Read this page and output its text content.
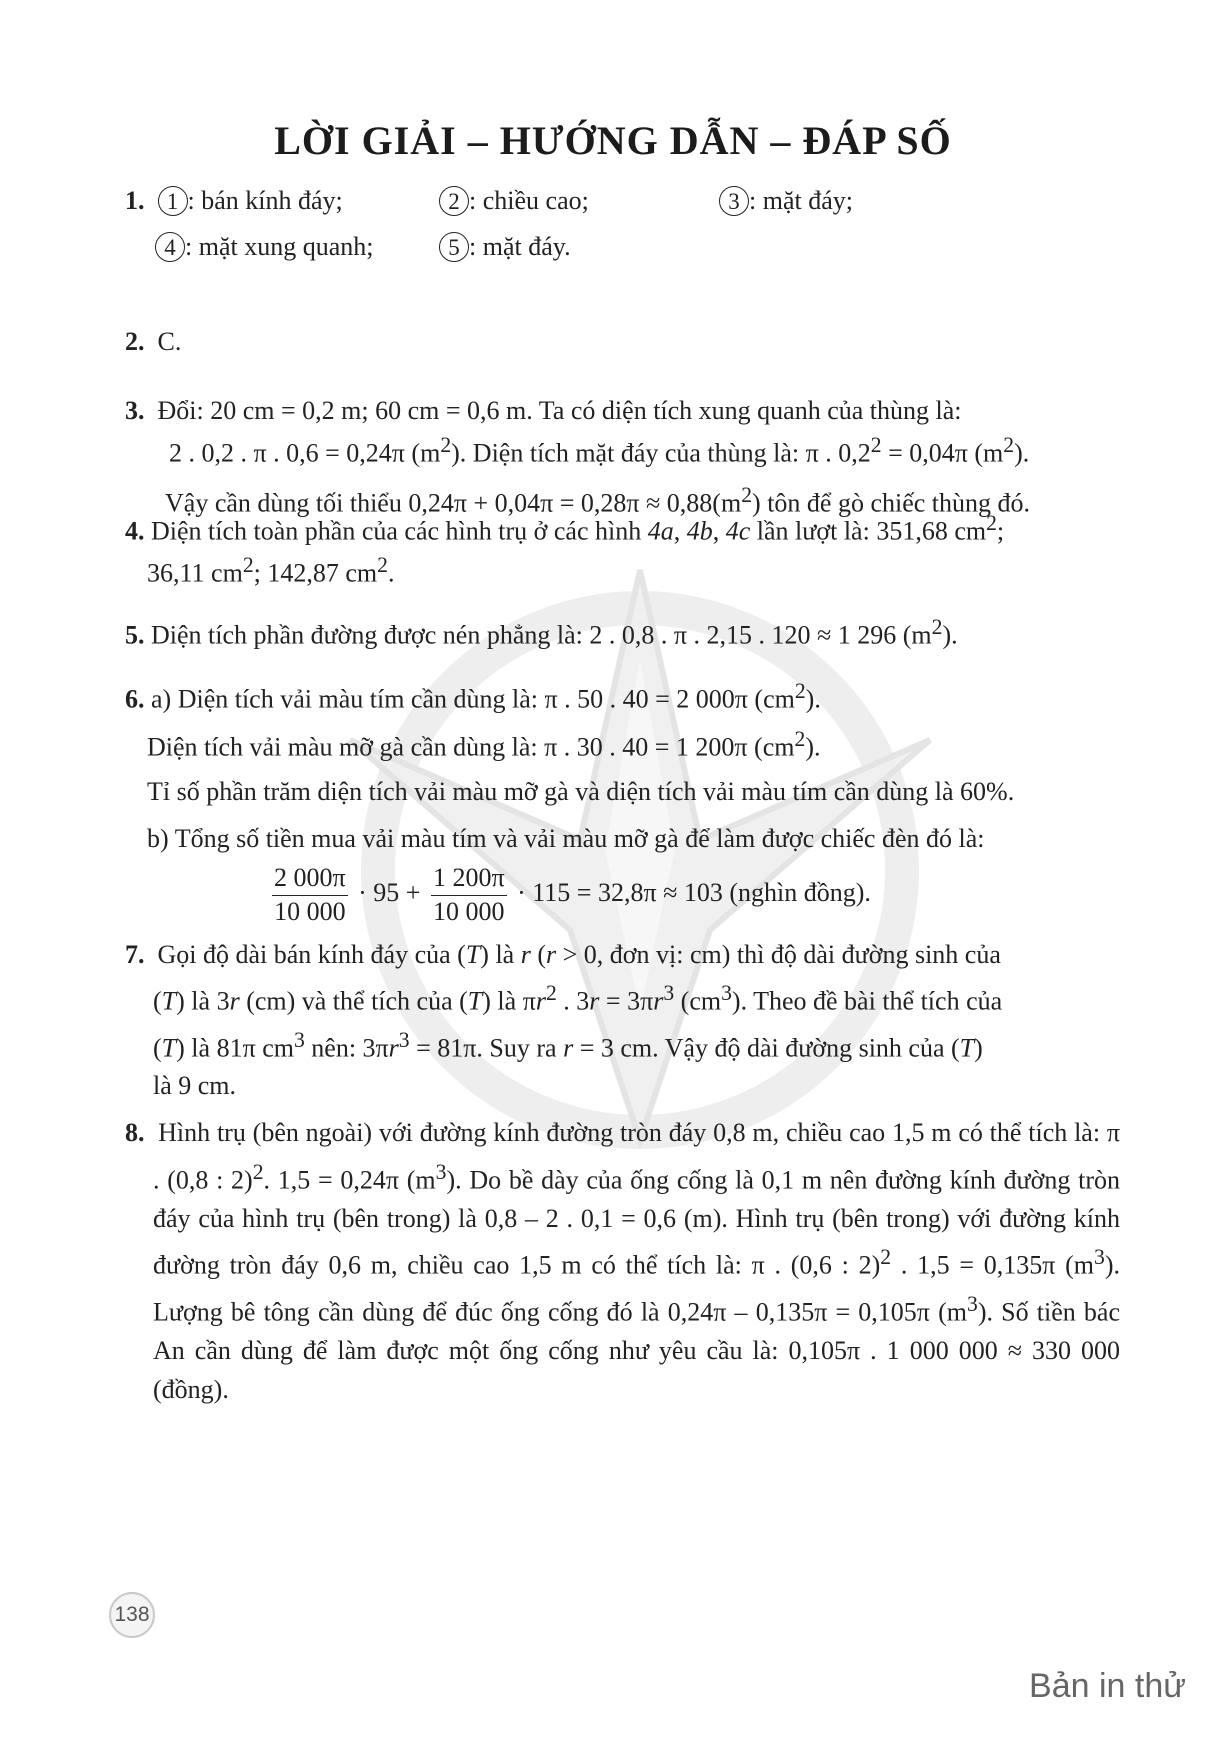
LỜI GIẢI – HƯỚNG DẪN – ĐÁP SỐ
1. 1 : bán kính đáy;	2 : chiều cao;	3 : mặt đáy;
4 : mặt xung quanh;	5 : mặt đáy.
2. C.
3. Đổi: 20 cm = 0,2 m; 60 cm = 0,6 m. Ta có diện tích xung quanh của thùng là:
2 . 0,2 . π . 0,6 = 0,24π $(m^2)$. Diện tích mặt đáy của thùng là: π . $0,2^2 = 0,04\pi$ $(m^2)$.
Vậy cần dùng tối thiểu $0,24\pi + 0,04\pi = 0,28\pi \approx 0,88(m^2)$ tôn để gò chiếc thùng đó.
4. Diện tích toàn phần của các hình trụ ở các hình 4a, 4b, 4c lần lượt là: 351,68 $cm^2$;
36,11 $cm^2$; 142,87 $cm^2$.
5. Diện tích phần đường được nén phẳng là: 2 . 0,8 . π . 2,15 . 120 ≈ 1 296 $(m^2)$.
6. a) Diện tích vải màu tím cần dùng là: π . 50 . 40 = 2 000π $(cm^2)$.
Diện tích vải màu mỡ gà cần dùng là: π . 30 . 40 = 1 200π $(cm^2)$.
Tỉ số phần trăm diện tích vải màu mỡ gà và diện tích vải màu tím cần dùng là 60%.
b) Tổng số tiền mua vải màu tím và vải màu mỡ gà để làm được chiếc đèn đó là:
$\frac{2 000\pi}{10 000} \cdot 95 + \frac{1 200\pi}{10 000} \cdot 115 = 32,8\pi \approx 103$ (nghìn đồng).
7. Gọi độ dài bán kính đáy của (T) là r (r > 0, đơn vị: cm) thì độ dài đường sinh của
(T) là 3r (cm) và thể tích của (T) là $\pi r^2$ . $3r = 3\pi r^3$ $(cm^3)$. Theo đề bài thể tích của
(T) là 81π $cm^3$ nên: $3\pi r^3 = 81\pi$. Suy ra r = 3 cm. Vậy độ dài đường sinh của (T)
là 9 cm.
8. Hình trụ (bên ngoài) với đường kính đường tròn đáy 0,8 m, chiều cao 1,5 m có thể tích là: π . (0,8 : 2)$^2$. 1,5 = 0,24π $(m^3)$. Do bề dày của ống cống là 0,1 m nên đường kính đường tròn đáy của hình trụ (bên trong) là 0,8 – 2 . 0,1 = 0,6 (m). Hình trụ (bên trong) với đường kính đường tròn đáy 0,6 m, chiều cao 1,5 m có thể tích là: π . (0,6 : 2)$^2$ . 1,5 = 0,135π $(m^3)$. Lượng bê tông cần dùng để đúc ống cống đó là 0,24π – 0,135π = 0,105π $(m^3)$. Số tiền bác An cần dùng để làm được một ống cống như yêu cầu là: 0,105π . 1 000 000 ≈ 330 000 (đồng).
138
Bản in thử
